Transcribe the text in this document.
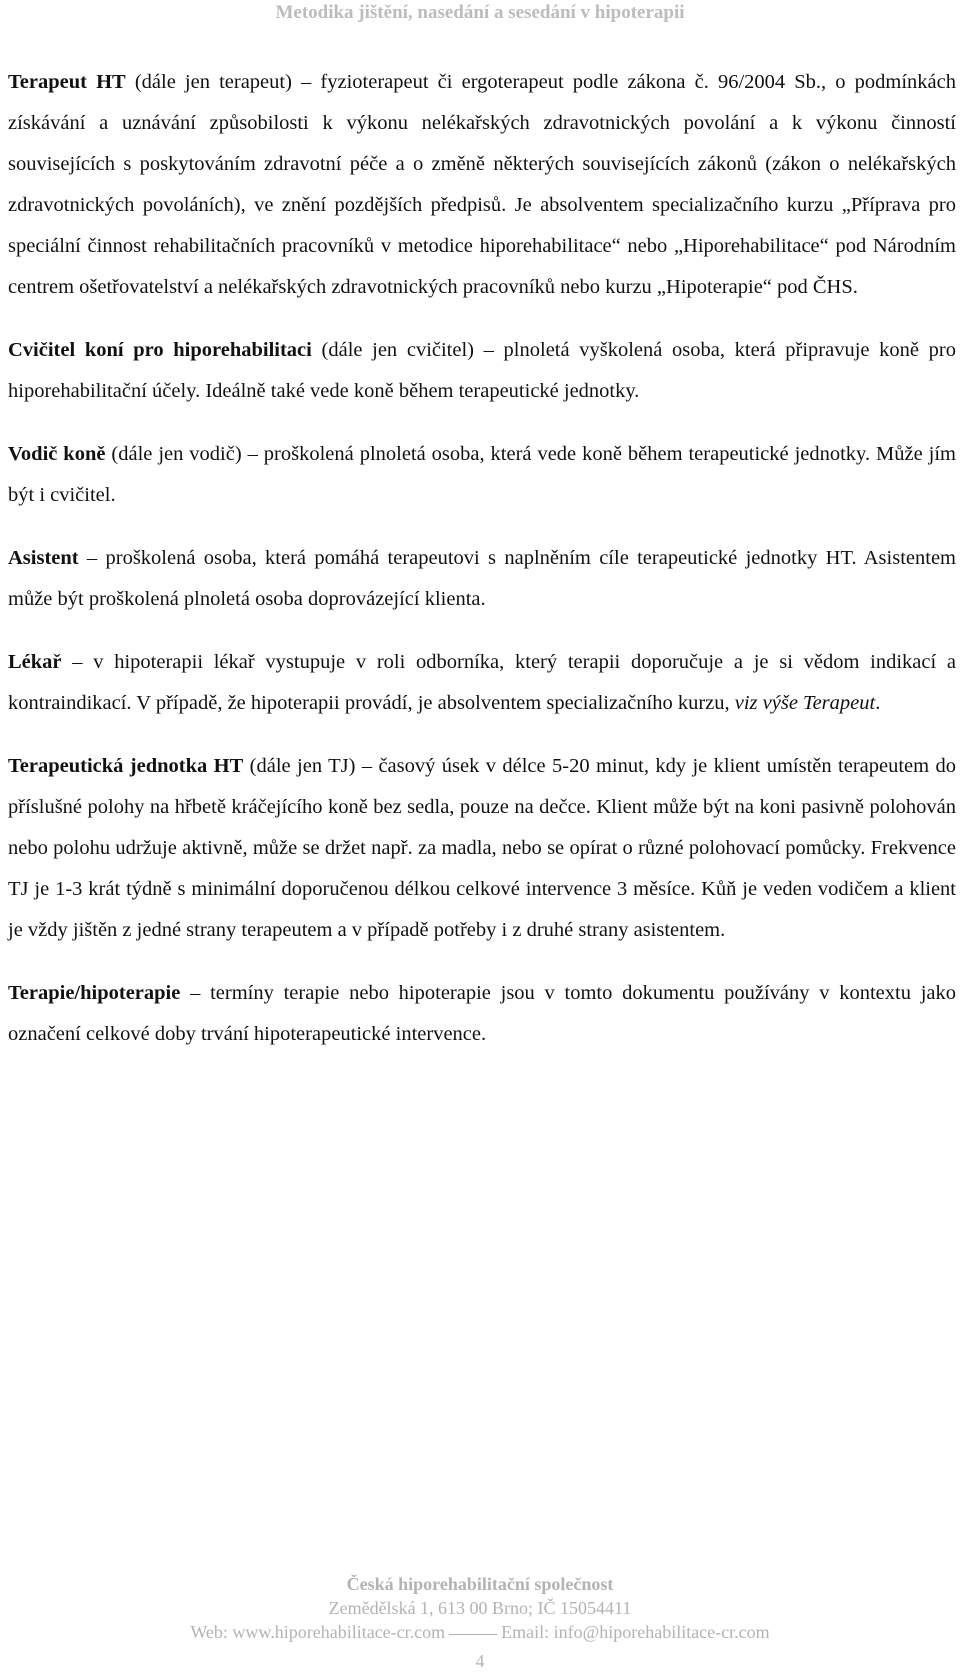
Metodika jištění, nasedání a sesedání v hipoterapii

Terapeut HT (dále jen terapeut) – fyzioterapeut či ergoterapeut podle zákona č. 96/2004 Sb., o podmínkách získávání a uznávání způsobilosti k výkonu nelékařských zdravotnických povolání a k výkonu činností souvisejících s poskytováním zdravotní péče a o změně některých souvisejících zákonů (zákon o nelékařských zdravotnických povoláních), ve znění pozdějších předpisů. Je absolventem specializačního kurzu „Příprava pro speciální činnost rehabilitačních pracovníků v metodice hiporehabilitace“ nebo „Hiporehabilitace“ pod Národním centrem ošetřovatelství a nelékařských zdravotnických pracovníků nebo kurzu „Hipoterapie“ pod ČHS.

Cvičitel koní pro hiporehabilitaci (dále jen cvičitel) – plnoletá vyškolená osoba, která připravuje koně pro hiporehabilitační účely. Ideálně také vede koně během terapeutické jednotky.

Vodič koně (dále jen vodič) – proškolená plnoletá osoba, která vede koně během terapeutické jednotky. Může jím být i cvičitel.

Asistent – proškolená osoba, která pomáhá terapeutovi s naplněním cíle terapeutické jednotky HT. Asistentem může být proškolená plnoletá osoba doprovázející klienta.

Lékař – v hipoterapii lékař vystupuje v roli odborníka, který terapii doporučuje a je si vědom indikací a kontraindikací. V případě, že hipoterapii provádí, je absolventem specializačního kurzu, viz výše Terapeut.

Terapeutická jednotka HT (dále jen TJ) – časový úsek v délce 5-20 minut, kdy je klient umístěn terapeutem do příslušné polohy na hřbetě kráčejícího koně bez sedla, pouze na dečce. Klient může být na koni pasivně polohován nebo polohu udržuje aktivně, může se držet např. za madla, nebo se opírat o různé polohovací pomůcky. Frekvence TJ je 1-3 krát týdně s minimální doporučenou délkou celkové intervence 3 měsíce. Kůň je veden vodičem a klient je vždy jištěn z jedné strany terapeutem a v případě potřeby i z druhé strany asistentem.

Terapie/hipoterapie – termíny terapie nebo hipoterapie jsou v tomto dokumentu používány v kontextu jako označení celkové doby trvání hipoterapeutické intervence.

Česká hiporehabilitační společnost
Zemědělská 1, 613 00 Brno; IČ 15054411
Web: www.hiporehabilitace-cr.com	Email: info@hiporehabilitace-cr.com
4
